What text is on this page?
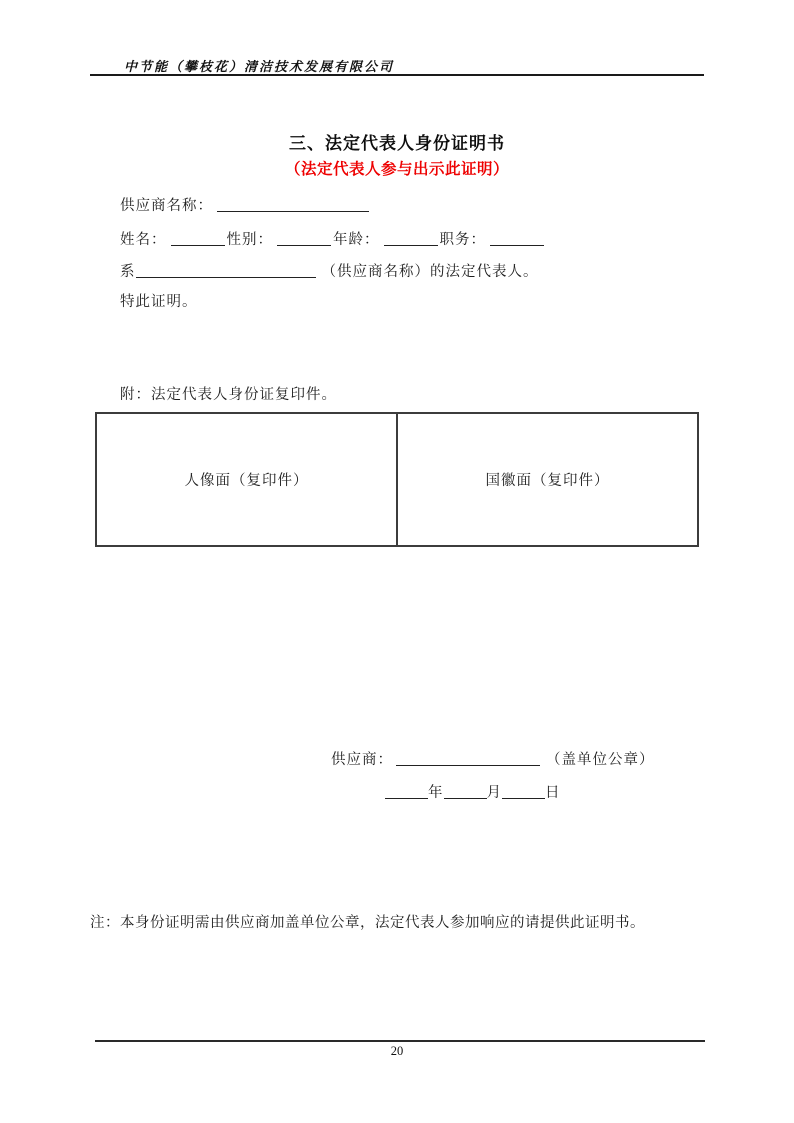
中节能（攀枝花）清洁技术发展有限公司
三、法定代表人身份证明书
（法定代表人参与出示此证明）
供应商名称：
姓名：	性别：	年龄：	职务：
系	（供应商名称）的法定代表人。
特此证明。
附：法定代表人身份证复印件。
人像面（复印件）	国徽面（复印件）
供应商：	（盖单位公章）
年	月	日
注：本身份证明需由供应商加盖单位公章，法定代表人参加响应的请提供此证明书。
20
